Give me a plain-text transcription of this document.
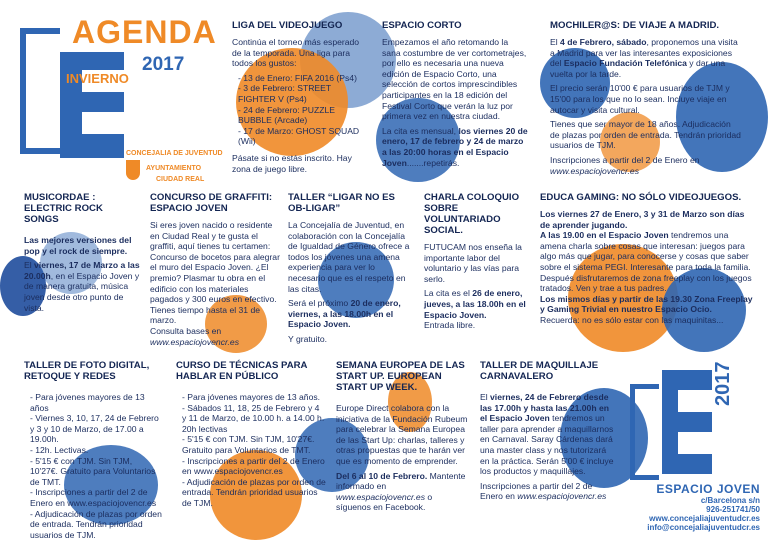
AGENDA
2017
INVIERNO
CONCEJALIA DE JUVENTUD
AYUNTAMIENTO
CIUDAD REAL
LIGA DEL VIDEOJUEGO

Continúa el torneo más esperado de la temporada. Una liga para todos los gustos:

- 13 de Enero: FIFA 2016 (Ps4)
- 3 de Febrero: STREET FIGHTER V (Ps4)
- 24 de Febrero: PUZZLE BUBBLE (Arcade)
- 17 de Marzo: GHOST SQUAD (Wii)

Pásate si no estás inscrito. Hay zona de juego libre.

ESPACIO CORTO

Empezamos el año retomando la sana costumbre de ver cortometrajes, por ello es necesaria una nueva edición de Espacio Corto, una selección de cortos imprescindibles participantes en la 18 edición del Festival Corto que verán la luz por primera vez en nuestra ciudad.

La cita es mensual, los viernes 20 de enero, 17 de febrero y 24 de marzo a las 20:00 horas en el Espacio Joven.......repetirás.

MOCHILER@S: DE VIAJE A MADRID.

El 4 de Febrero, sábado, proponemos una visita a Madrid para ver las interesantes exposiciones del Espacio Fundación Telefónica y dar una vuelta por la tarde.

El precio serán 10'00 € para usuarios de TJM y 15'00 para los que no lo sean. Incluye viaje en autocar y visita cultural.

Tienes que ser mayor de 18 años. Adjudicación de plazas por orden de entrada. Tendrán prioridad usuarios de TJM.

Inscripciones a partir del 2 de Enero en www.espaciojovencr.es

MUSICORDAE : ELECTRIC ROCK SONGS

Las mejores versiones del pop y el rock de siempre.

El viernes, 17 de Marzo a las 20.00h, en el Espacio Joven y de manera gratuita, música joven desde otro punto de vista.

CONCURSO DE GRAFFITI: ESPACIO JOVEN

Si eres joven nacido o residente en Ciudad Real y te gusta el graffiti, aquí tienes tu certamen: Concurso de bocetos para alegrar el muro del Espacio Joven. ¿El premio? Plasmar tu obra en el edificio con los materiales pagados y 300 euros en efectivo. Tienes tiempo hasta el 31 de marzo.

Consulta bases en www.espaciojovencr.es

TALLER “LIGAR NO ES OB-LIGAR”

La Concejalía de Juventud, en colaboración con la Concejalía de Igualdad de Género ofrece a todos los jóvenes una amena experiencia para ver lo necesario que es el respeto en las citas.

Será el próximo 20 de enero, viernes, a las 18.00h en el Espacio Joven.

Y gratuito.

CHARLA COLOQUIO SOBRE VOLUNTARIADO SOCIAL.

FUTUCAM nos enseña la importante labor del voluntario y las vías para serlo.

La cita es el 26 de enero, jueves, a las 18.00h en el Espacio Joven.

Entrada libre.

EDUCA GAMING: NO SÓLO VIDEOJUEGOS.

Los viernes 27 de Enero, 3 y 31 de Marzo son días de aprender jugando.

A las 19.00 en el Espacio Joven tendremos una amena charla sobre cosas que interesan: juegos para algo más que jugar, para conocerse y cosas que saber sobre el sistema PEGI. Interesante para toda la familia. Después disfrutaremos de zona freeplay con los juegos tratados. Ven y trae a tus padres.

Los mismos días y partir de las 19.30 Zona Freeplay y Gaming Trivial en nuestro Espacio Ocio.

Recuerda: no es sólo estar con las maquinitas...

TALLER DE FOTO DIGITAL, RETOQUE Y REDES
- Para jóvenes mayores de 13 años
- Viernes 3, 10, 17, 24 de Febrero y 3 y 10 de Marzo, de 17.00 a 19.00h.
- 12h. Lectivas.
- 5'15 € con TJM. Sin TJM, 10'27€. Gratuito para Voluntarios de TMT.
- Inscripciones a partir del 2 de Enero en www.espaciojovencr.es
- Adjudicación de plazas por orden de entrada. Tendrán prioridad usuarios de TJM.
CURSO DE TÉCNICAS PARA HABLAR EN PÚBLICO
- Para jóvenes mayores de 13 años.
- Sábados 11, 18, 25 de Febrero y 4 y 11 de Marzo, de 10.00 h. a 14.00 h. 20h lectivas
- 5'15 € con TJM. Sin TJM, 10'27€. Gratuito para Voluntarios de TMT.
- Inscripciones a partir del 2 de Enero en www.espaciojovencr.es
- Adjudicación de plazas por orden de entrada. Tendrán prioridad usuarios de TJM.
SEMANA EUROPEA DE LAS START UP. EUROPEAN START UP WEEK.

Europe Direct colabora con la iniciativa de la Fundación Rubeum para celebrar la Semana Europea de las Start Up: charlas, talleres y otras propuestas que te harán ver que es momento de emprender.

Del 6 al 10 de Febrero. Mantente informado en www.espaciojovencr.es o síguenos en Facebook.

TALLER DE MAQUILLAJE CARNAVALERO

El viernes, 24 de Febrero desde las 17.00h y hasta las 21.00h en el Espacio Joven tendremos un taller para aprender a maquillarnos en Carnaval. Saray Cárdenas dará una master class y nos tutorizará en la práctica. Serán 5'00 € incluye los productos y maquillajes.

Inscripciones a partir del 2 de Enero en www.espaciojovencr.es

2017
ESPACIO JOVEN
c/Barcelona s/n
926-251741/50
www.concejaliajuventudcr.es
info@concejaliajuventudcr.es
